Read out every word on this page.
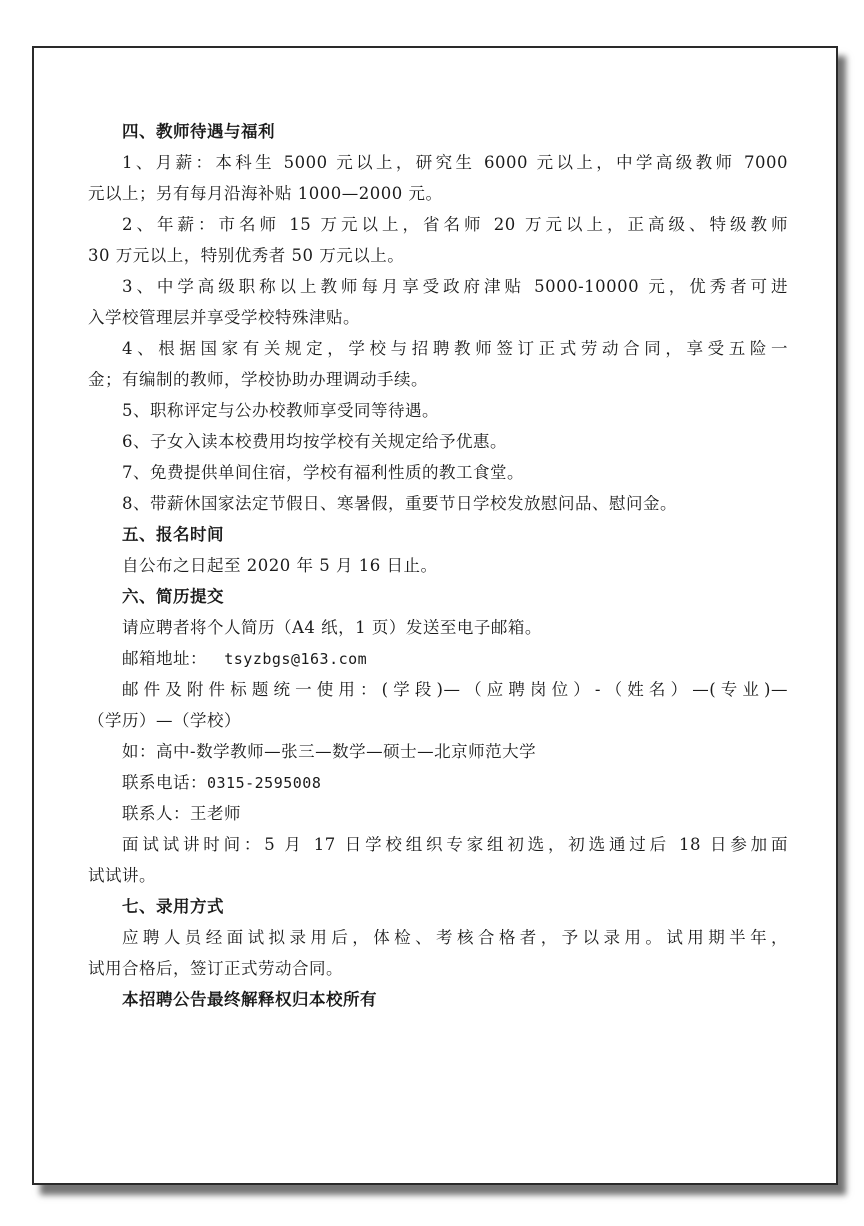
四、教师待遇与福利
1、月薪：本科生 5000 元以上，研究生 6000 元以上，中学高级教师 7000
元以上；另有每月沿海补贴 1000—2000 元。
2、年薪：市名师 15 万元以上，省名师 20 万元以上，正高级、特级教师
30 万元以上，特别优秀者 50 万元以上。
3、中学高级职称以上教师每月享受政府津贴 5000-10000 元，优秀者可进
入学校管理层并享受学校特殊津贴。
4、根据国家有关规定，学校与招聘教师签订正式劳动合同，享受五险一
金；有编制的教师，学校协助办理调动手续。
5、职称评定与公办校教师享受同等待遇。
6、子女入读本校费用均按学校有关规定给予优惠。
7、免费提供单间住宿，学校有福利性质的教工食堂。
8、带薪休国家法定节假日、寒暑假，重要节日学校发放慰问品、慰问金。
五、报名时间
自公布之日起至 2020 年 5 月 16 日止。
六、简历提交
请应聘者将个人简历（A4 纸，1 页）发送至电子邮箱。
邮箱地址： tsyzbgs@163.com
邮件及附件标题统一使用：(学段)—（应聘岗位）-（姓名）—(专业)—
（学历）—（学校）
如：高中-数学教师—张三—数学—硕士—北京师范大学
联系电话：0315-2595008
联系人：王老师
面试试讲时间：5 月 17 日学校组织专家组初选，初选通过后 18 日参加面
试试讲。
七、录用方式
应聘人员经面试拟录用后，体检、考核合格者，予以录用。试用期半年，
试用合格后，签订正式劳动合同。
本招聘公告最终解释权归本校所有
